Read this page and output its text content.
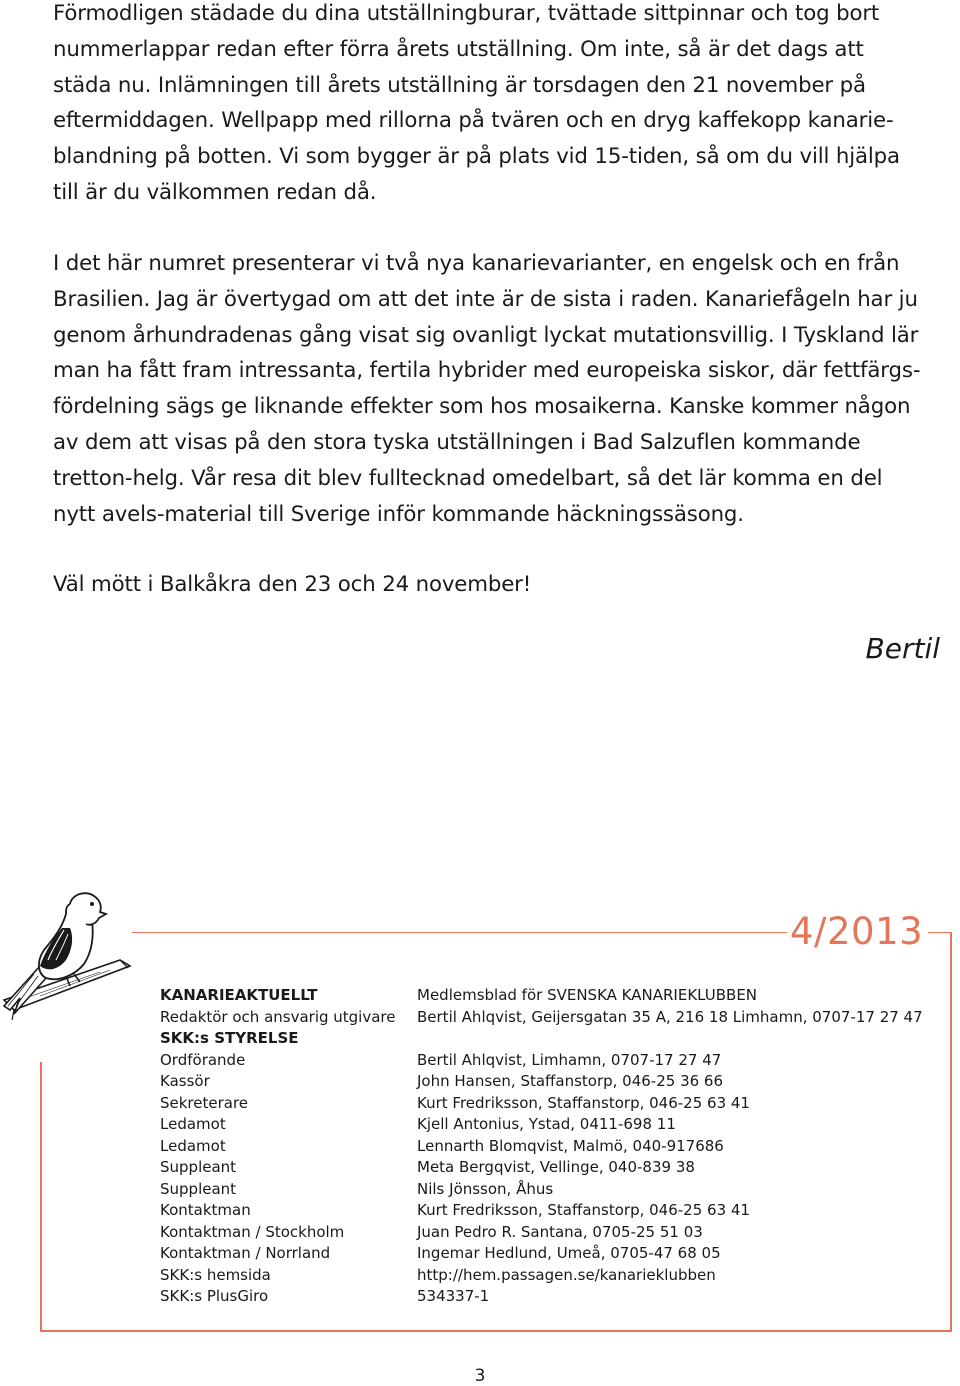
Förmodligen städade du dina utställningburar, tvättade sittpinnar och tog bort nummerlappar redan efter förra årets utställning. Om inte, så är det dags att städa nu. Inlämningen till årets utställning är torsdagen den 21 november på eftermiddagen. Wellpapp med rillorna på tvären och en dryg kaffekopp kanarie-blandning på botten. Vi som bygger är på plats vid 15-tiden, så om du vill hjälpa till är du välkommen redan då.

I det här numret presenterar vi två nya kanarievarianter, en engelsk och en från Brasilien. Jag är övertygad om att det inte är de sista i raden. Kanariefågeln har ju genom århundradenas gång visat sig ovanligt lyckat mutationsvillig. I Tyskland lär man ha fått fram intressanta, fertila hybrider med europeiska siskor, där fettfärgs-fördelning sägs ge liknande effekter som hos mosaikerna. Kanske kommer någon av dem att visas på den stora tyska utställningen i Bad Salzuflen kommande tretton-helg. Vår resa dit blev fulltecknad omedelbart, så det lär komma en del nytt avels-material till Sverige inför kommande häckningssäsong.

Väl mött i Balkåkra den 23 och 24 november!

Bertil

4/2013
KANARIEAKTUELLT	Medlemsblad för SVENSKA KANARIEKLUBBEN
Redaktör och ansvarig utgivare	Bertil Ahlqvist, Geijersgatan 35 A, 216 18 Limhamn, 0707-17 27 47
SKK:s STYRELSE
Ordförande	Bertil Ahlqvist, Limhamn, 0707-17 27 47
Kassör	John Hansen, Staffanstorp, 046-25 36 66
Sekreterare	Kurt Fredriksson, Staffanstorp, 046-25 63 41
Ledamot	Kjell Antonius, Ystad, 0411-698 11
Ledamot	Lennarth Blomqvist, Malmö, 040-917686
Suppleant	Meta Bergqvist, Vellinge, 040-839 38
Suppleant	Nils Jönsson, Åhus
Kontaktman	Kurt Fredriksson, Staffanstorp, 046-25 63 41
Kontaktman / Stockholm	Juan Pedro R. Santana, 0705-25 51 03
Kontaktman / Norrland	Ingemar Hedlund, Umeå, 0705-47 68 05
SKK:s hemsida	http://hem.passagen.se/kanarieklubben
SKK:s PlusGiro	534337-1
3
